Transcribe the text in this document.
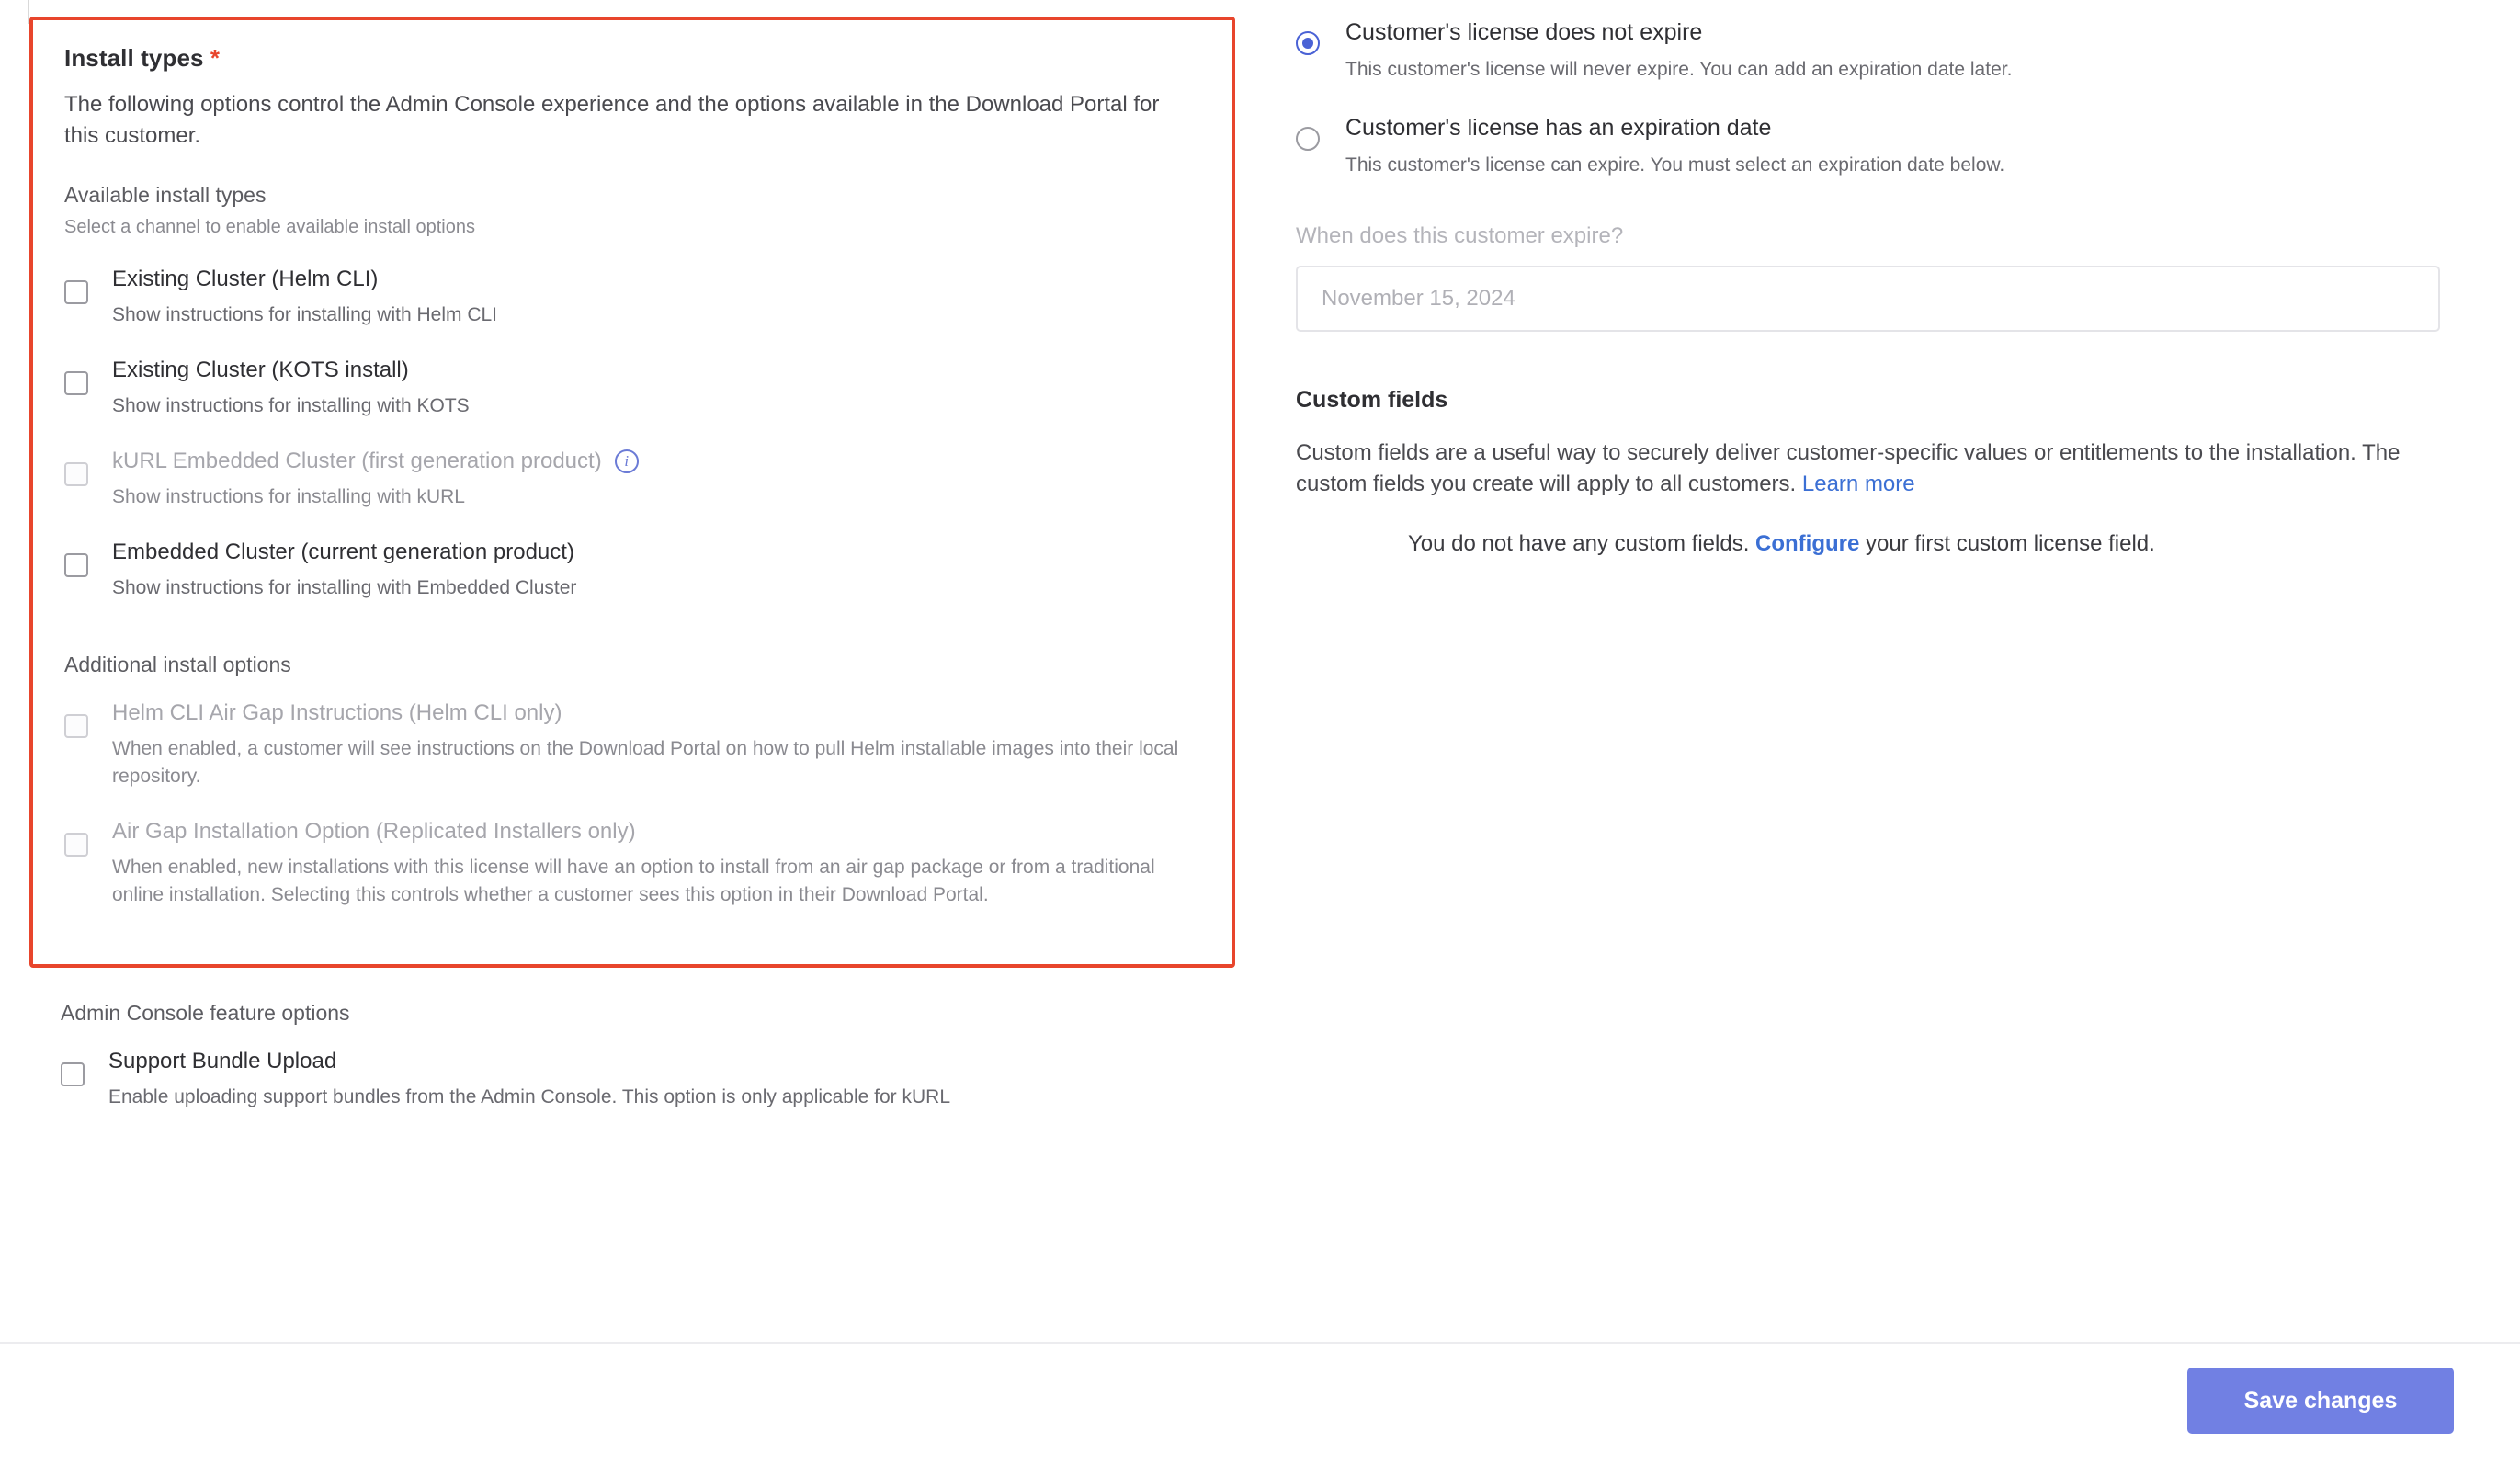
Install types *

The following options control the Admin Console experience and the options available in the Download Portal for this customer.

Available install types
Select a channel to enable available install options
Existing Cluster (Helm CLI)
Show instructions for installing with Helm CLI
Existing Cluster (KOTS install)
Show instructions for installing with KOTS
kURL Embedded Cluster (first generation product)	i
Show instructions for installing with kURL
Embedded Cluster (current generation product)
Show instructions for installing with Embedded Cluster
Additional install options
Helm CLI Air Gap Instructions (Helm CLI only)
When enabled, a customer will see instructions on the Download Portal on how to pull Helm installable images into their local repository.
Air Gap Installation Option (Replicated Installers only)
When enabled, new installations with this license will have an option to install from an air gap package or from a traditional online installation. Selecting this controls whether a customer sees this option in their Download Portal.
Admin Console feature options
Support Bundle Upload
Enable uploading support bundles from the Admin Console. This option is only applicable for kURL
Customer's license does not expire
This customer's license will never expire. You can add an expiration date later.
Customer's license has an expiration date
This customer's license can expire. You must select an expiration date below.
When does this customer expire?
November 15, 2024
Custom fields
Custom fields are a useful way to securely deliver customer-specific values or entitlements to the installation. The custom fields you create will apply to all customers. Learn more
You do not have any custom fields. Configure your first custom license field.
Save changes
